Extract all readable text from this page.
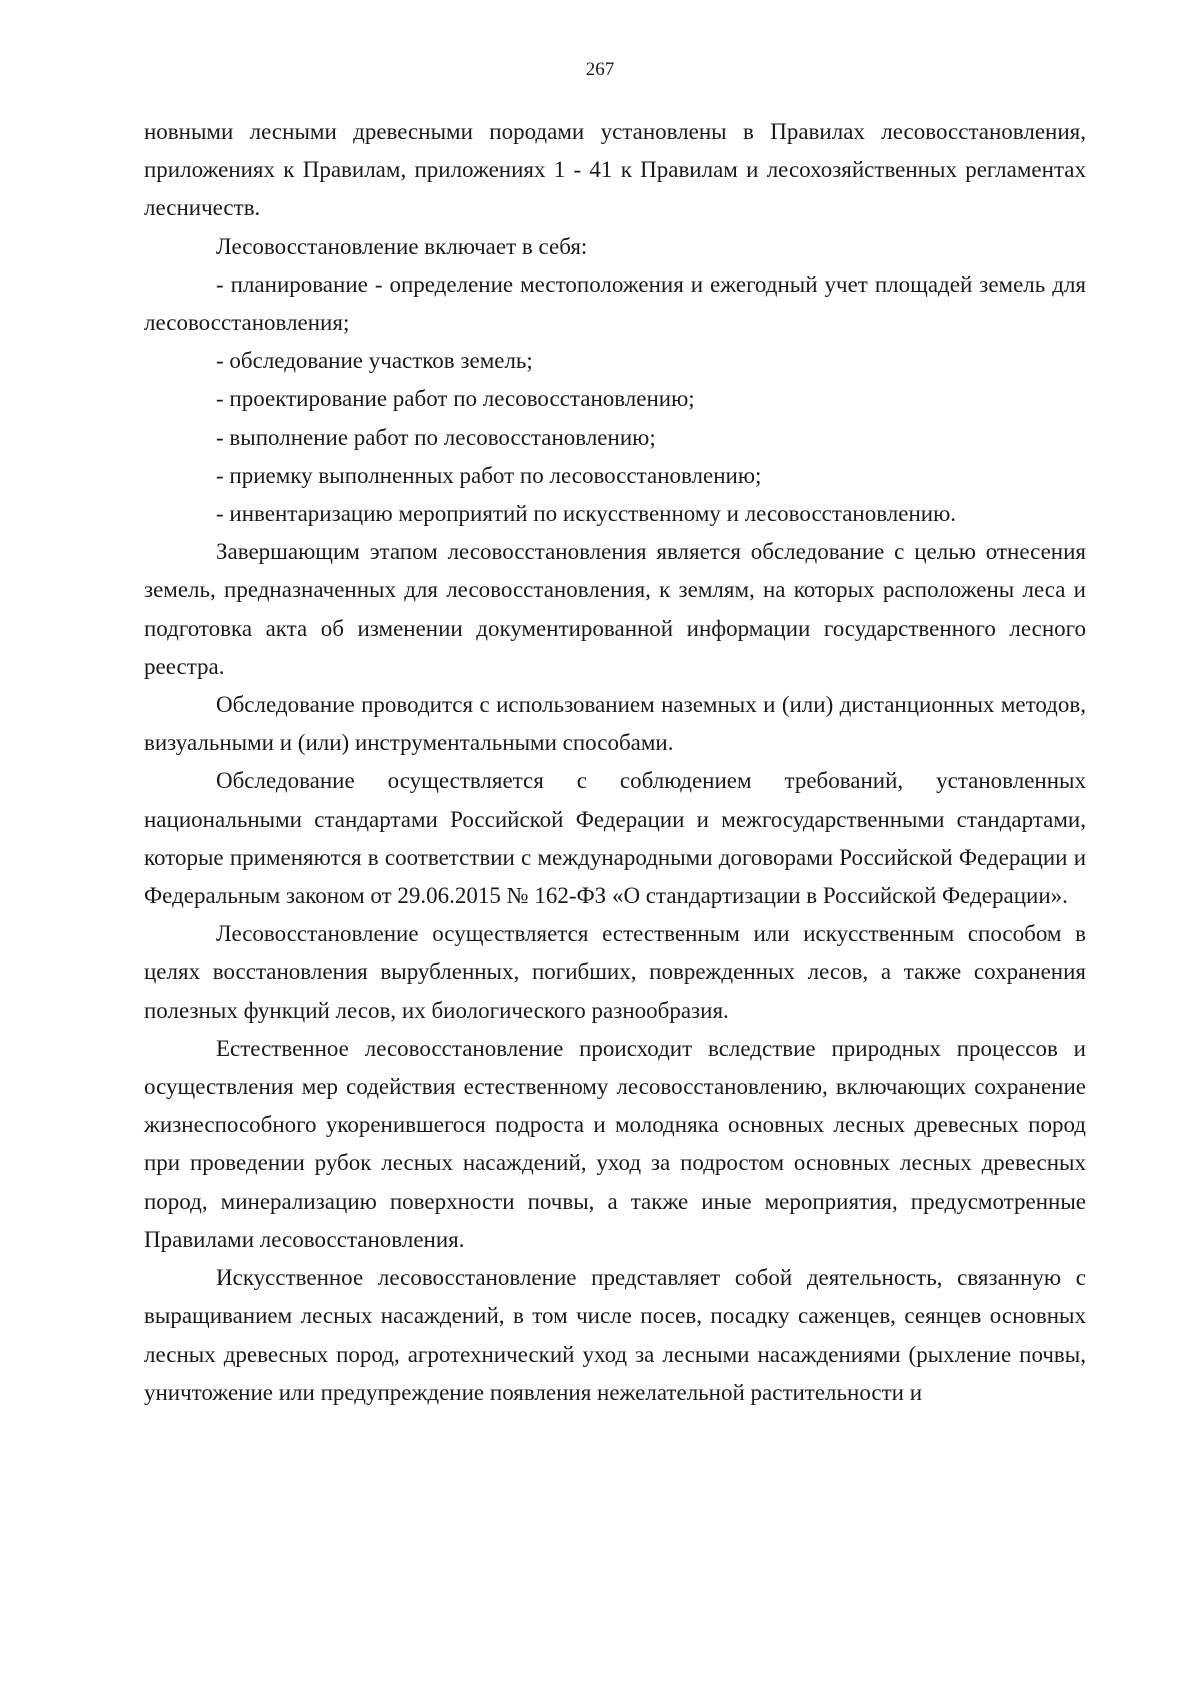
267

новными лесными древесными породами установлены в Правилах лесовосстановления, приложениях к Правилам, приложениях 1 - 41 к Правилам и лесохозяйственных регламентах лесничеств.

Лесовосстановление включает в себя:

- планирование - определение местоположения и ежегодный учет площадей земель для лесовосстановления;

- обследование участков земель;

- проектирование работ по лесовосстановлению;

- выполнение работ по лесовосстановлению;

- приемку выполненных работ по лесовосстановлению;

- инвентаризацию мероприятий по искусственному и лесовосстановлению.

Завершающим этапом лесовосстановления является обследование с целью отнесения земель, предназначенных для лесовосстановления, к землям, на которых расположены леса и подготовка акта об изменении документированной информации государственного лесного реестра.

Обследование проводится с использованием наземных и (или) дистанционных методов, визуальными и (или) инструментальными способами.

Обследование осуществляется с соблюдением требований, установленных национальными стандартами Российской Федерации и межгосударственными стандартами, которые применяются в соответствии с международными договорами Российской Федерации и Федеральным законом от 29.06.2015 № 162-ФЗ «О стандартизации в Российской Федерации».

Лесовосстановление осуществляется естественным или искусственным способом в целях восстановления вырубленных, погибших, поврежденных лесов, а также сохранения полезных функций лесов, их биологического разнообразия.

Естественное лесовосстановление происходит вследствие природных процессов и осуществления мер содействия естественному лесовосстановлению, включающих сохранение жизнеспособного укоренившегося подроста и молодняка основных лесных древесных пород при проведении рубок лесных насаждений, уход за подростом основных лесных древесных пород, минерализацию поверхности почвы, а также иные мероприятия, предусмотренные Правилами лесовосстановления.

Искусственное лесовосстановление представляет собой деятельность, связанную с выращиванием лесных насаждений, в том числе посев, посадку саженцев, сеянцев основных лесных древесных пород, агротехнический уход за лесными насаждениями (рыхление почвы, уничтожение или предупреждение появления нежелательной растительности и
